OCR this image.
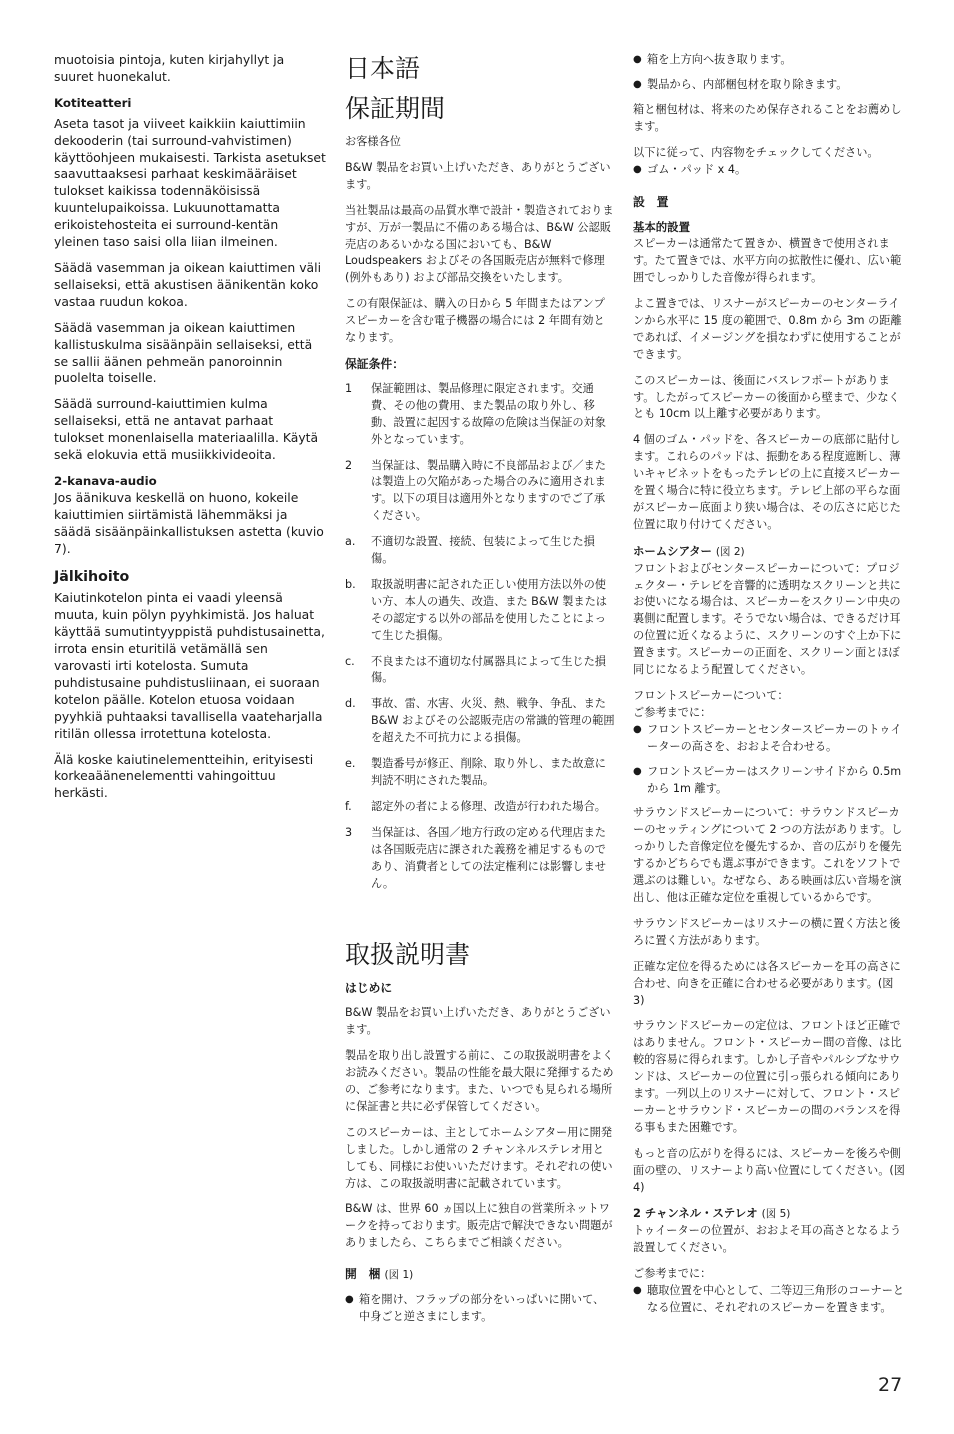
muotoisia pintoja, kuten kirjahyllyt ja suuret huonekalut.

Kotiteatteri

Aseta tasot ja viiveet kaikkiin kaiuttimiin dekooderin (tai surround-vahvistimen) käyttöohjeen mukaisesti. Tarkista asetukset saavuttaaksesi parhaat keskimääräiset tulokset kaikissa todennäköisissä kuuntelupaikoissa. Lukuunottamatta erikoistehosteita ei surround-kentän yleinen taso saisi olla liian ilmeinen.

Säädä vasemman ja oikean kaiuttimen väli sellaiseksi, että akustisen äänikentän koko vastaa ruudun kokoa.

Säädä vasemman ja oikean kaiuttimen kallistuskulma sisäänpäin sellaiseksi, että se sallii äänen pehmeän panoroinnin puolelta toiselle.

Säädä surround-kaiuttimien kulma sellaiseksi, että ne antavat parhaat tulokset monenlaisella materiaalilla. Käytä sekä elokuvia että musiikkivideoita.

2-kanava-audio

Jos äänikuva keskellä on huono, kokeile kaiuttimien siirtämistä lähemmäksi ja säädä sisäänpäinkallistuksen astetta (kuvio 7).

Jälkihoito

Kaiutinkotelon pinta ei vaadi yleensä muuta, kuin pölyn pyyhkimistä. Jos haluat käyttää sumutintyyppistä puhdistusainetta, irrota ensin eturitilä vetämällä sen varovasti irti kotelosta. Sumuta puhdistusaine puhdistusliinaan, ei suoraan kotelon päälle. Kotelon etuosa voidaan pyyhkiä puhtaaksi tavallisella vaateharjalla ritilän ollessa irrotettuna kotelosta.

Älä koske kaiutinelementteihin, erityisesti korkeaäänenelementti vahingoittuu herkästi.

日本語
保証期間

お客様各位

B&W 製品をお買い上げいただき、ありがとうございます。

当社製品は最高の品質水準で設計・製造されておりますが、万が一製品に不備のある場合は、B&W 公認販売店のあるいかなる国においても、B&W Loudspeakers およびその各国販売店が無料で修理(例外もあり) および部品交換をいたします。

この有限保証は、購入の日から 5 年間またはアンプスピーカーを含む電子機器の場合には 2 年間有効となります。

保証条件：
1 保証範囲は、製品修理に限定されます。交通費、その他の費用、また製品の取り外し、移動、設置に起因する故障の危険は当保証の対象外となっています。
2 当保証は、製品購入時に不良部品および／または製造上の欠陥があった場合のみに適用されます。以下の項目は適用外となりますのでご了承ください。
a. 不適切な設置、接続、包装によって生じた損傷。
b. 取扱説明書に記された正しい使用方法以外の使い方、本人の過失、改造、また B&W 製またはその認定する以外の部品を使用したことによって生じた損傷。
c. 不良または不適切な付属器具によって生じた損傷。
d. 事故、雷、水害、火災、熱、戦争、争乱、また B&W およびその公認販売店の常識的管理の範囲を超えた不可抗力による損傷。
e. 製造番号が修正、削除、取り外し、また故意に判読不明にされた製品。
f. 認定外の者による修理、改造が行われた場合。
3 当保証は、各国／地方行政の定める代理店または各国販売店に課された義務を補足するものであり、消費者としての法定権利には影響しません。
取扱説明書
はじめに

B&W 製品をお買い上げいただき、ありがとうございます。

製品を取り出し設置する前に、この取扱説明書をよくお読みください。製品の性能を最大限に発揮するための、ご参考になります。また、いつでも見られる場所に保証書と共に必ず保管してください。

このスピーカーは、主としてホームシアター用に開発しました。しかし通常の 2 チャンネルステレオ用としても、同様にお使いいただけます。それぞれの使い方は、この取扱説明書に記載されています。

B&W は、世界 60 ヵ国以上に独自の営業所ネットワークを持っております。販売店で解決できない問題がありましたら、こちらまでご相談ください。

開　梱 (図 1)
● 箱を開け、フラップの部分をいっぱいに開いて、中身ごと逆さまにします。
● 箱を上方向へ抜き取ります。
● 製品から、内部梱包材を取り除きます。

箱と梱包材は、将来のため保存されることをお薦めします。

以下に従って、内容物をチェックしてください。

● ゴム・パッド x 4。
設　置
基本的設置

スピーカーは通常たて置きか、横置きで使用されます。たて置きでは、水平方向の拡散性に優れ、広い範囲でしっかりした音像が得られます。

よこ置きでは、リスナーがスピーカーのセンターラインから水平に 15 度の範囲で、0.8m から 3m の距離であれば、イメージングを損なわずに使用することができます。

このスピーカーは、後面にバスレフポートがあります。したがってスピーカーの後面から壁まで、少なくとも 10cm 以上離す必要があります。

4 個のゴム・パッドを、各スピーカーの底部に貼付します。これらのパッドは、振動をある程度遮断し、薄いキャビネットをもったテレビの上に直接スピーカーを置く場合に特に役立ちます。テレビ上部の平らな面がスピーカー底面より狭い場合は、その広さに応じた位置に取り付けてください。

ホームシアター (図 2)

フロントおよびセンタースピーカーについて：プロジェクター・テレビを音響的に透明なスクリーンと共にお使いになる場合は、スピーカーをスクリーン中央の裏側に配置します。そうでない場合は、できるだけ耳の位置に近くなるように、スクリーンのすぐ上か下に置きます。スピーカーの正面を、スクリーン面とほぼ同じになるよう配置してください。

フロントスピーカーについて：

ご参考までに：

● フロントスピーカーとセンタースピーカーのトゥイーターの高さを、おおよそ合わせる。
● フロントスピーカーはスクリーンサイドから 0.5m から 1m 離す。

サラウンドスピーカーについて：サラウンドスピーカーのセッティングについて 2 つの方法があります。しっかりした音像定位を優先するか、音の広がりを優先するかどちらでも選ぶ事ができます。これをソフトで選ぶのは難しい。なぜなら、ある映画は広い音場を演出し、他は正確な定位を重視しているからです。

サラウンドスピーカーはリスナーの横に置く方法と後ろに置く方法があります。

正確な定位を得るためには各スピーカーを耳の高さに合わせ、向きを正確に合わせる必要があります。(図 3)

サラウンドスピーカーの定位は、フロントほど正確ではありません。フロント・スピーカー間の音像、は比較的容易に得られます。しかし子音やパルシブなサウンドは、スピーカーの位置に引っ張られる傾向にあります。一列以上のリスナーに対して、フロント・スピーカーとサラウンド・スピーカーの間のバランスを得る事もまた困難です。

もっと音の広がりを得るには、スピーカーを後ろや側面の壁の、リスナーより高い位置にしてください。(図 4)

2 チャンネル・ステレオ (図 5)

トゥイーターの位置が、おおよそ耳の高さとなるよう設置してください。

ご参考までに：

● 聴取位置を中心として、二等辺三角形のコーナーとなる位置に、それぞれのスピーカーを置きます。
27
